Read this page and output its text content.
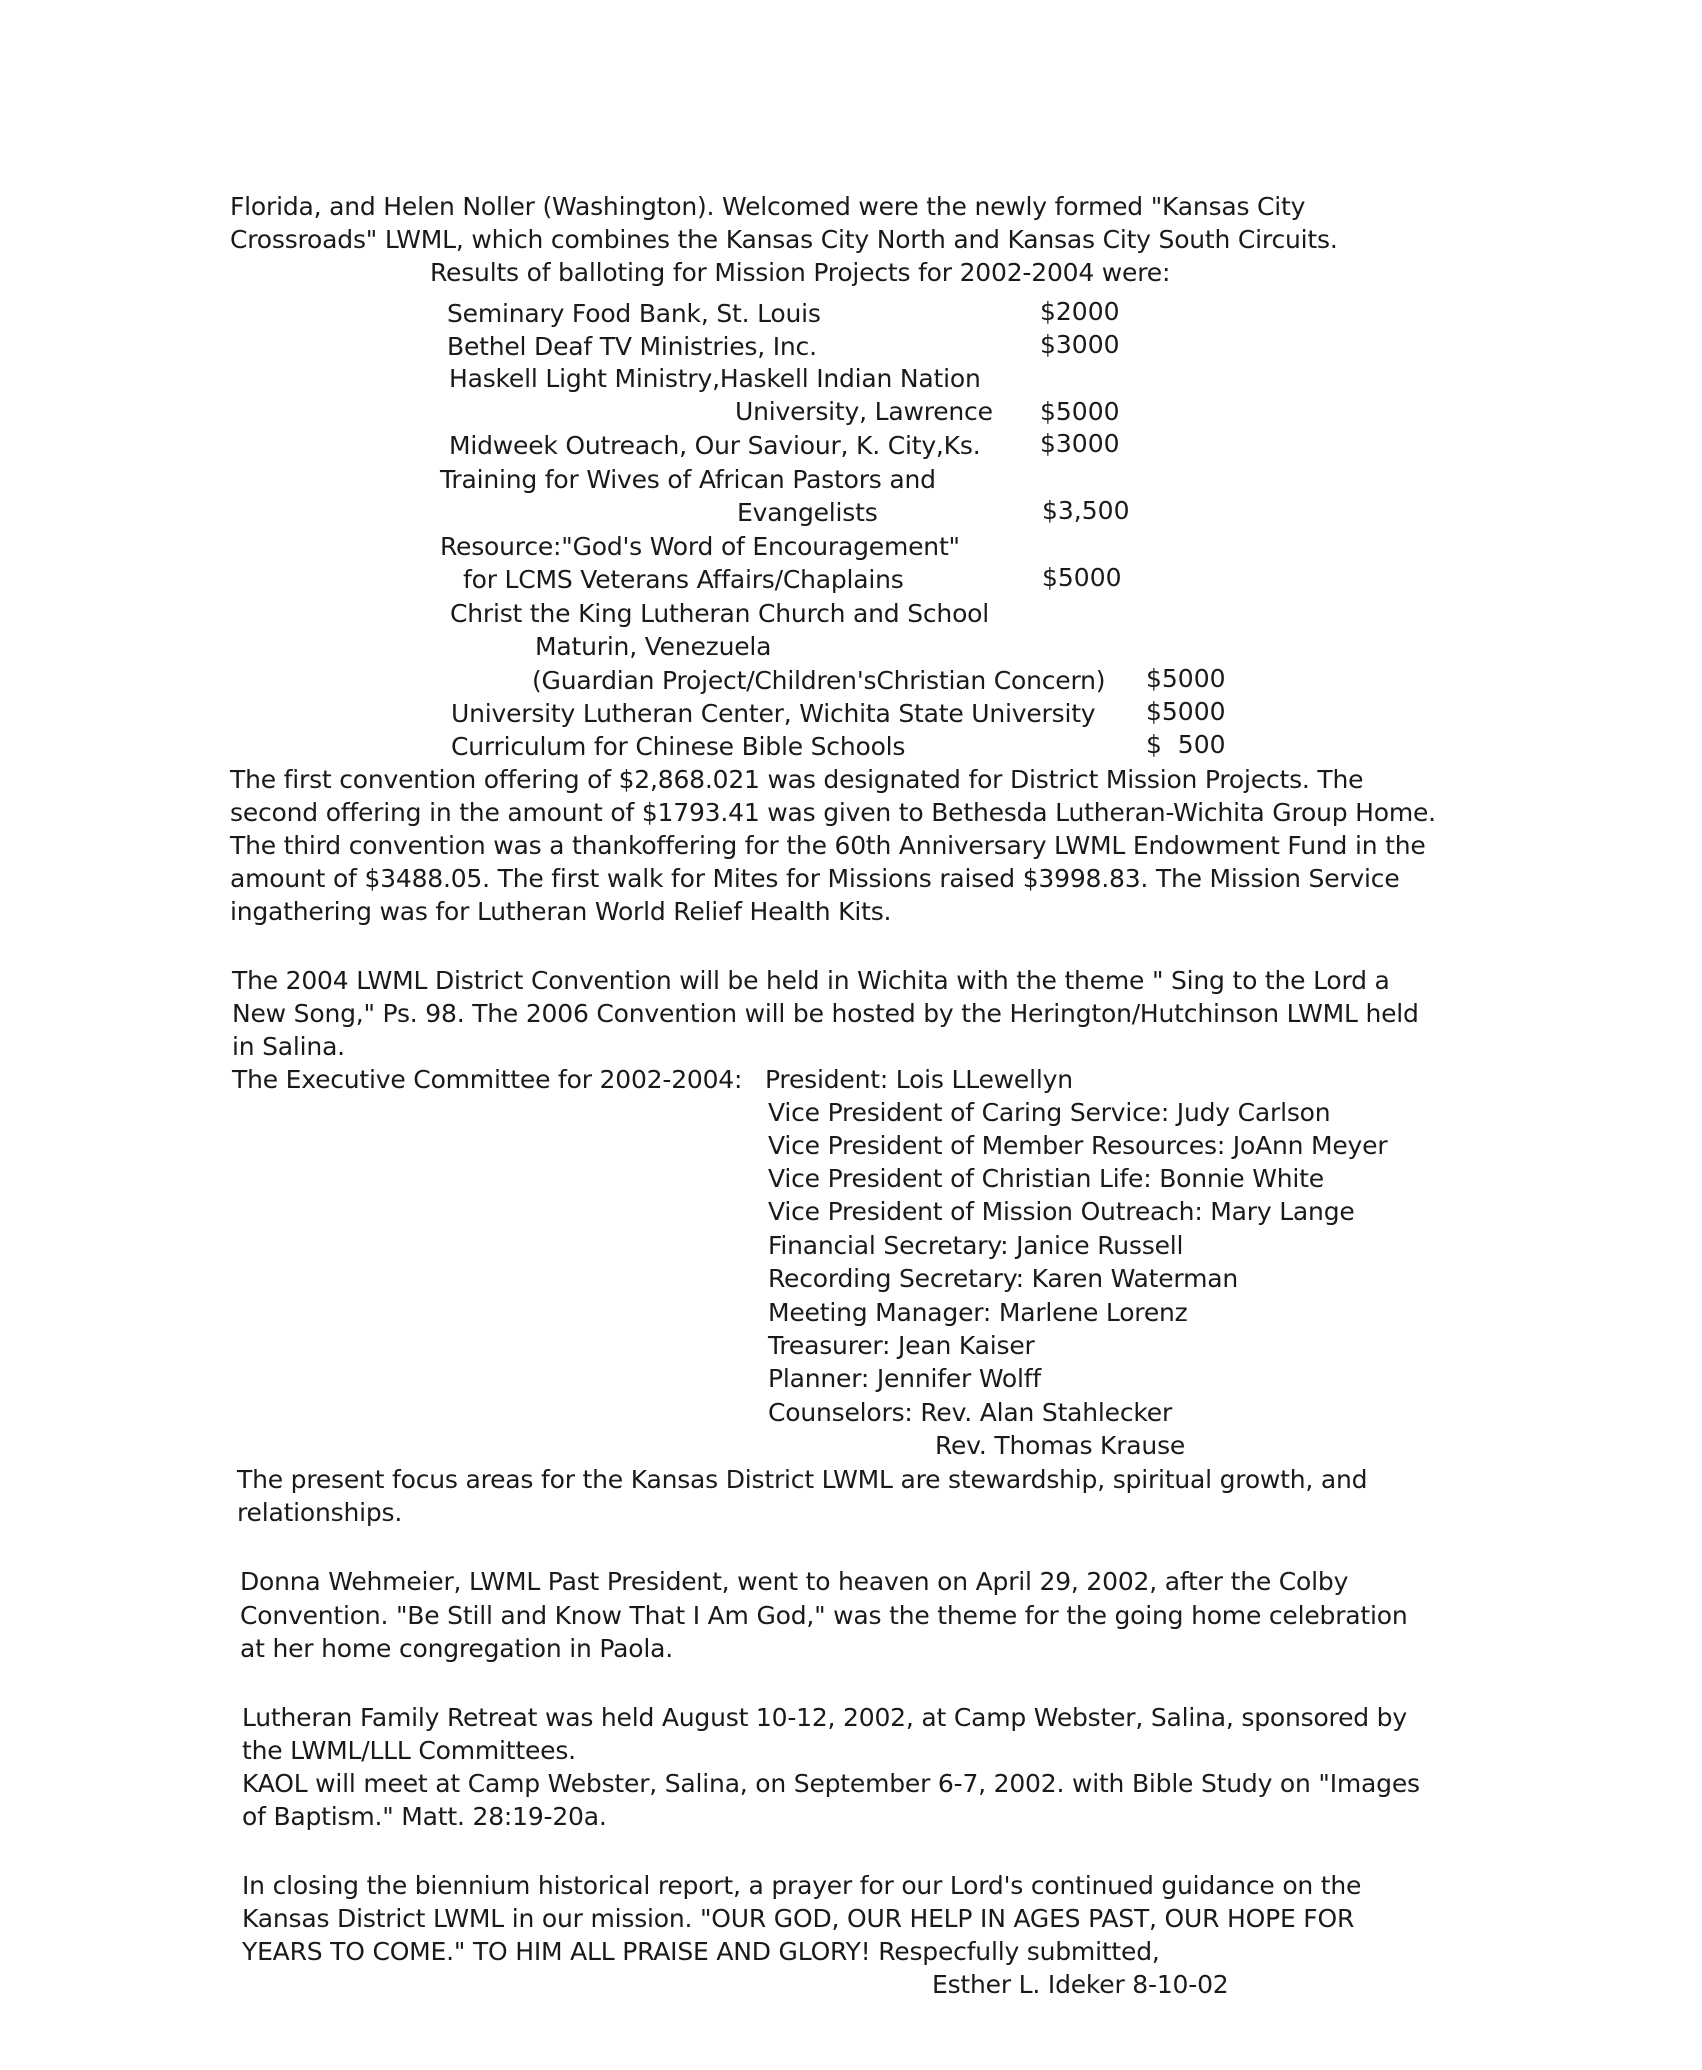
Florida, and Helen Noller (Washington). Welcomed were the newly formed "Kansas City
Crossroads" LWML, which combines the Kansas City North and Kansas City South Circuits.
Results of balloting for Mission Projects for 2002-2004 were:
Seminary Food Bank, St. Louis	$2000
Bethel Deaf TV Ministries, Inc.	$3000
Haskell Light Ministry,Haskell Indian Nation
University, Lawrence $5000
Midweek Outreach, Our Saviour, K. City,Ks. $3000
Training for Wives of African Pastors and
Evangelists	$3,500
Resource:"God's Word of Encouragement"
for LCMS Veterans Affairs/Chaplains	$5000
Christ the King Lutheran Church and School
Maturin, Venezuela
(Guardian Project/Children'sChristian Concern) $5000
University Lutheran Center, Wichita State University $5000
Curriculum for Chinese Bible Schools	$  500
The first convention offering of $2,868.021 was designated for District Mission Projects. The
second offering in the amount of $1793.41 was given to Bethesda Lutheran-Wichita Group Home.
The third convention was a thankoffering for the 60th Anniversary LWML Endowment Fund in the
amount of $3488.05. The first walk for Mites for Missions raised $3998.83. The Mission Service
ingathering was for Lutheran World Relief Health Kits.
The 2004 LWML District Convention will be held in Wichita with the theme " Sing to the Lord a
New Song," Ps. 98. The 2006 Convention will be hosted by the Herington/Hutchinson LWML held
in Salina.
The Executive Committee for 2002-2004: President: Lois LLewellyn
Vice President of Caring Service: Judy Carlson
Vice President of Member Resources: JoAnn Meyer
Vice President of Christian Life: Bonnie White
Vice President of Mission Outreach: Mary Lange
Financial Secretary: Janice Russell
Recording Secretary: Karen Waterman
Meeting Manager: Marlene Lorenz
Treasurer: Jean Kaiser
Planner: Jennifer Wolff
Counselors: Rev. Alan Stahlecker
Rev. Thomas Krause
The present focus areas for the Kansas District LWML are stewardship, spiritual growth, and
relationships.
Donna Wehmeier, LWML Past President, went to heaven on April 29, 2002, after the Colby
Convention. "Be Still and Know That I Am God," was the theme for the going home celebration
at her home congregation in Paola.
Lutheran Family Retreat was held August 10-12, 2002, at Camp Webster, Salina, sponsored by
the LWML/LLL Committees.
KAOL will meet at Camp Webster, Salina, on September 6-7, 2002. with Bible Study on "Images
of Baptism." Matt. 28:19-20a.
In closing the biennium historical report, a prayer for our Lord's continued guidance on the
Kansas District LWML in our mission. "OUR GOD, OUR HELP IN AGES PAST, OUR HOPE FOR
YEARS TO COME." TO HIM ALL PRAISE AND GLORY! Respecfully submitted,
Esther L. Ideker 8-10-02
